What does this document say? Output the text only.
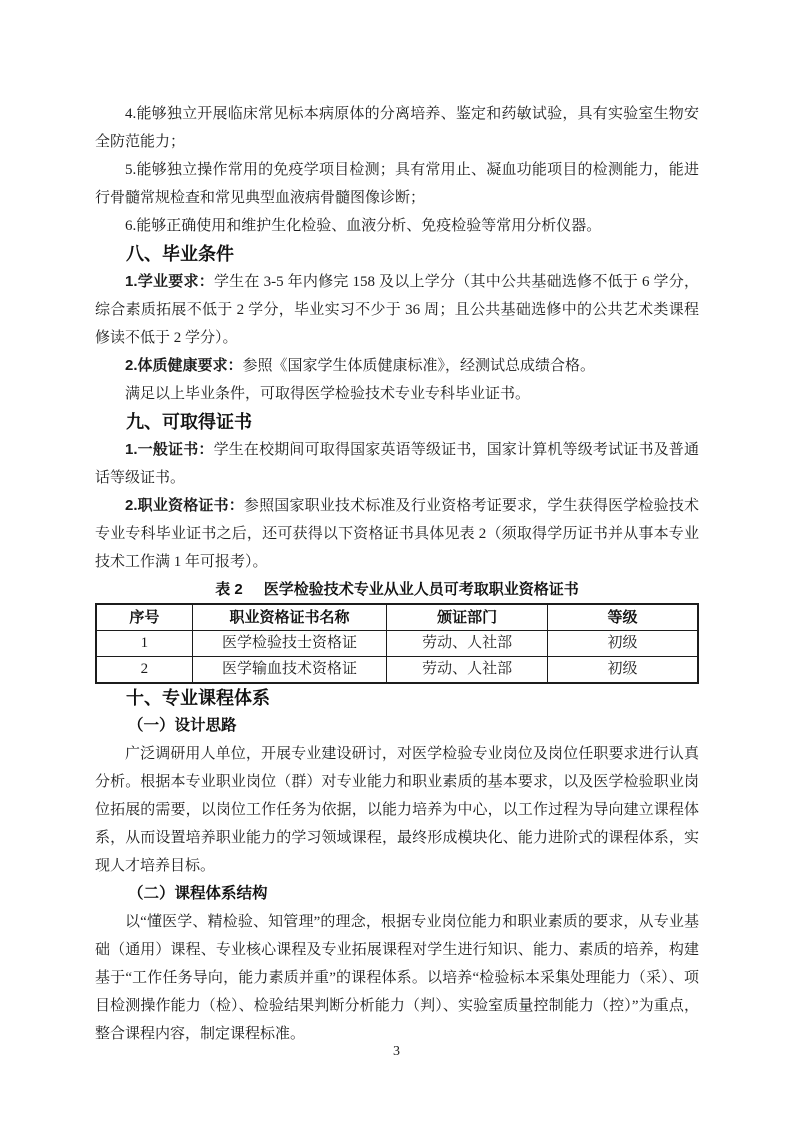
4.能够独立开展临床常见标本病原体的分离培养、鉴定和药敏试验，具有实验室生物安全防范能力；

5.能够独立操作常用的免疫学项目检测；具有常用止、凝血功能项目的检测能力，能进行骨髓常规检查和常见典型血液病骨髓图像诊断；

6.能够正确使用和维护生化检验、血液分析、免疫检验等常用分析仪器。

八、毕业条件

1.学业要求：学生在 3-5 年内修完 158 及以上学分（其中公共基础选修不低于 6 学分，综合素质拓展不低于 2 学分，毕业实习不少于 36 周；且公共基础选修中的公共艺术类课程修读不低于 2 学分）。

2.体质健康要求：参照《国家学生体质健康标准》，经测试总成绩合格。

满足以上毕业条件，可取得医学检验技术专业专科毕业证书。

九、可取得证书

1.一般证书：学生在校期间可取得国家英语等级证书，国家计算机等级考试证书及普通话等级证书。

2.职业资格证书：参照国家职业技术标准及行业资格考证要求，学生获得医学检验技术专业专科毕业证书之后，还可获得以下资格证书具体见表 2（须取得学历证书并从事本专业技术工作满 1 年可报考）。

表 2 医学检验技术专业从业人员可考取职业资格证书

序号	职业资格证书名称	颁证部门	等级
1	医学检验技士资格证	劳动、人社部	初级
2	医学输血技术资格证	劳动、人社部	初级
十、专业课程体系
（一）设计思路

广泛调研用人单位，开展专业建设研讨，对医学检验专业岗位及岗位任职要求进行认真分析。根据本专业职业岗位（群）对专业能力和职业素质的基本要求，以及医学检验职业岗位拓展的需要，以岗位工作任务为依据，以能力培养为中心，以工作过程为导向建立课程体系，从而设置培养职业能力的学习领域课程，最终形成模块化、能力进阶式的课程体系，实现人才培养目标。

（二）课程体系结构

以“懂医学、精检验、知管理”的理念，根据专业岗位能力和职业素质的要求，从专业基础（通用）课程、专业核心课程及专业拓展课程对学生进行知识、能力、素质的培养，构建基于“工作任务导向，能力素质并重”的课程体系。以培养“检验标本采集处理能力（采）、项目检测操作能力（检）、检验结果判断分析能力（判）、实验室质量控制能力（控）”为重点，整合课程内容，制定课程标准。

3
